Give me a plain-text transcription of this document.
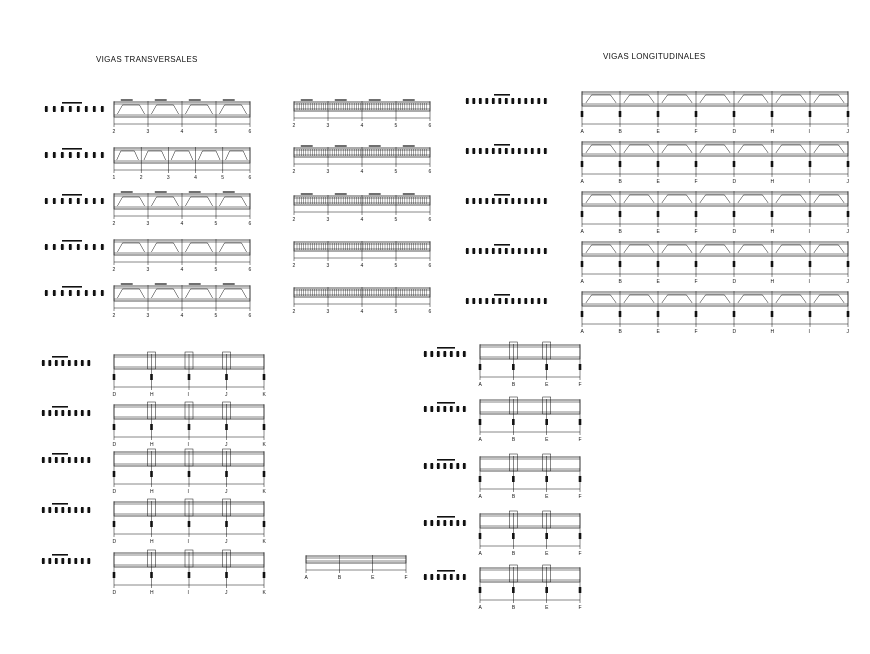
VIGAS TRANSVERSALES	VIGAS LONGITUDINALES
2	3	4	5	6
1	2	3	4	5	6
2	3	4	5	6
2	3	4	5	6
2	3	4	5	6
2	3	4	5	6
2	3	4	5	6
2	3	4	5	6
2	3	4	5	6
2	3	4	5	6
A	B	E	F	D	H	I	J
A	B	E	F	D	H	I	J
A	B	E	F	D	H	I	J
A	B	E	F	D	H	I	J
A	B	E	F	D	H	I	J
D	H	I	J	K
D	H	I	J	K
D	H	I	J	K
D	H	I	J	K
D	H	I	J	K
A	B	E	F
A	B	E	F
A	B	E	F
A	B	E	F
A	B	E	F
A	B	E	F
